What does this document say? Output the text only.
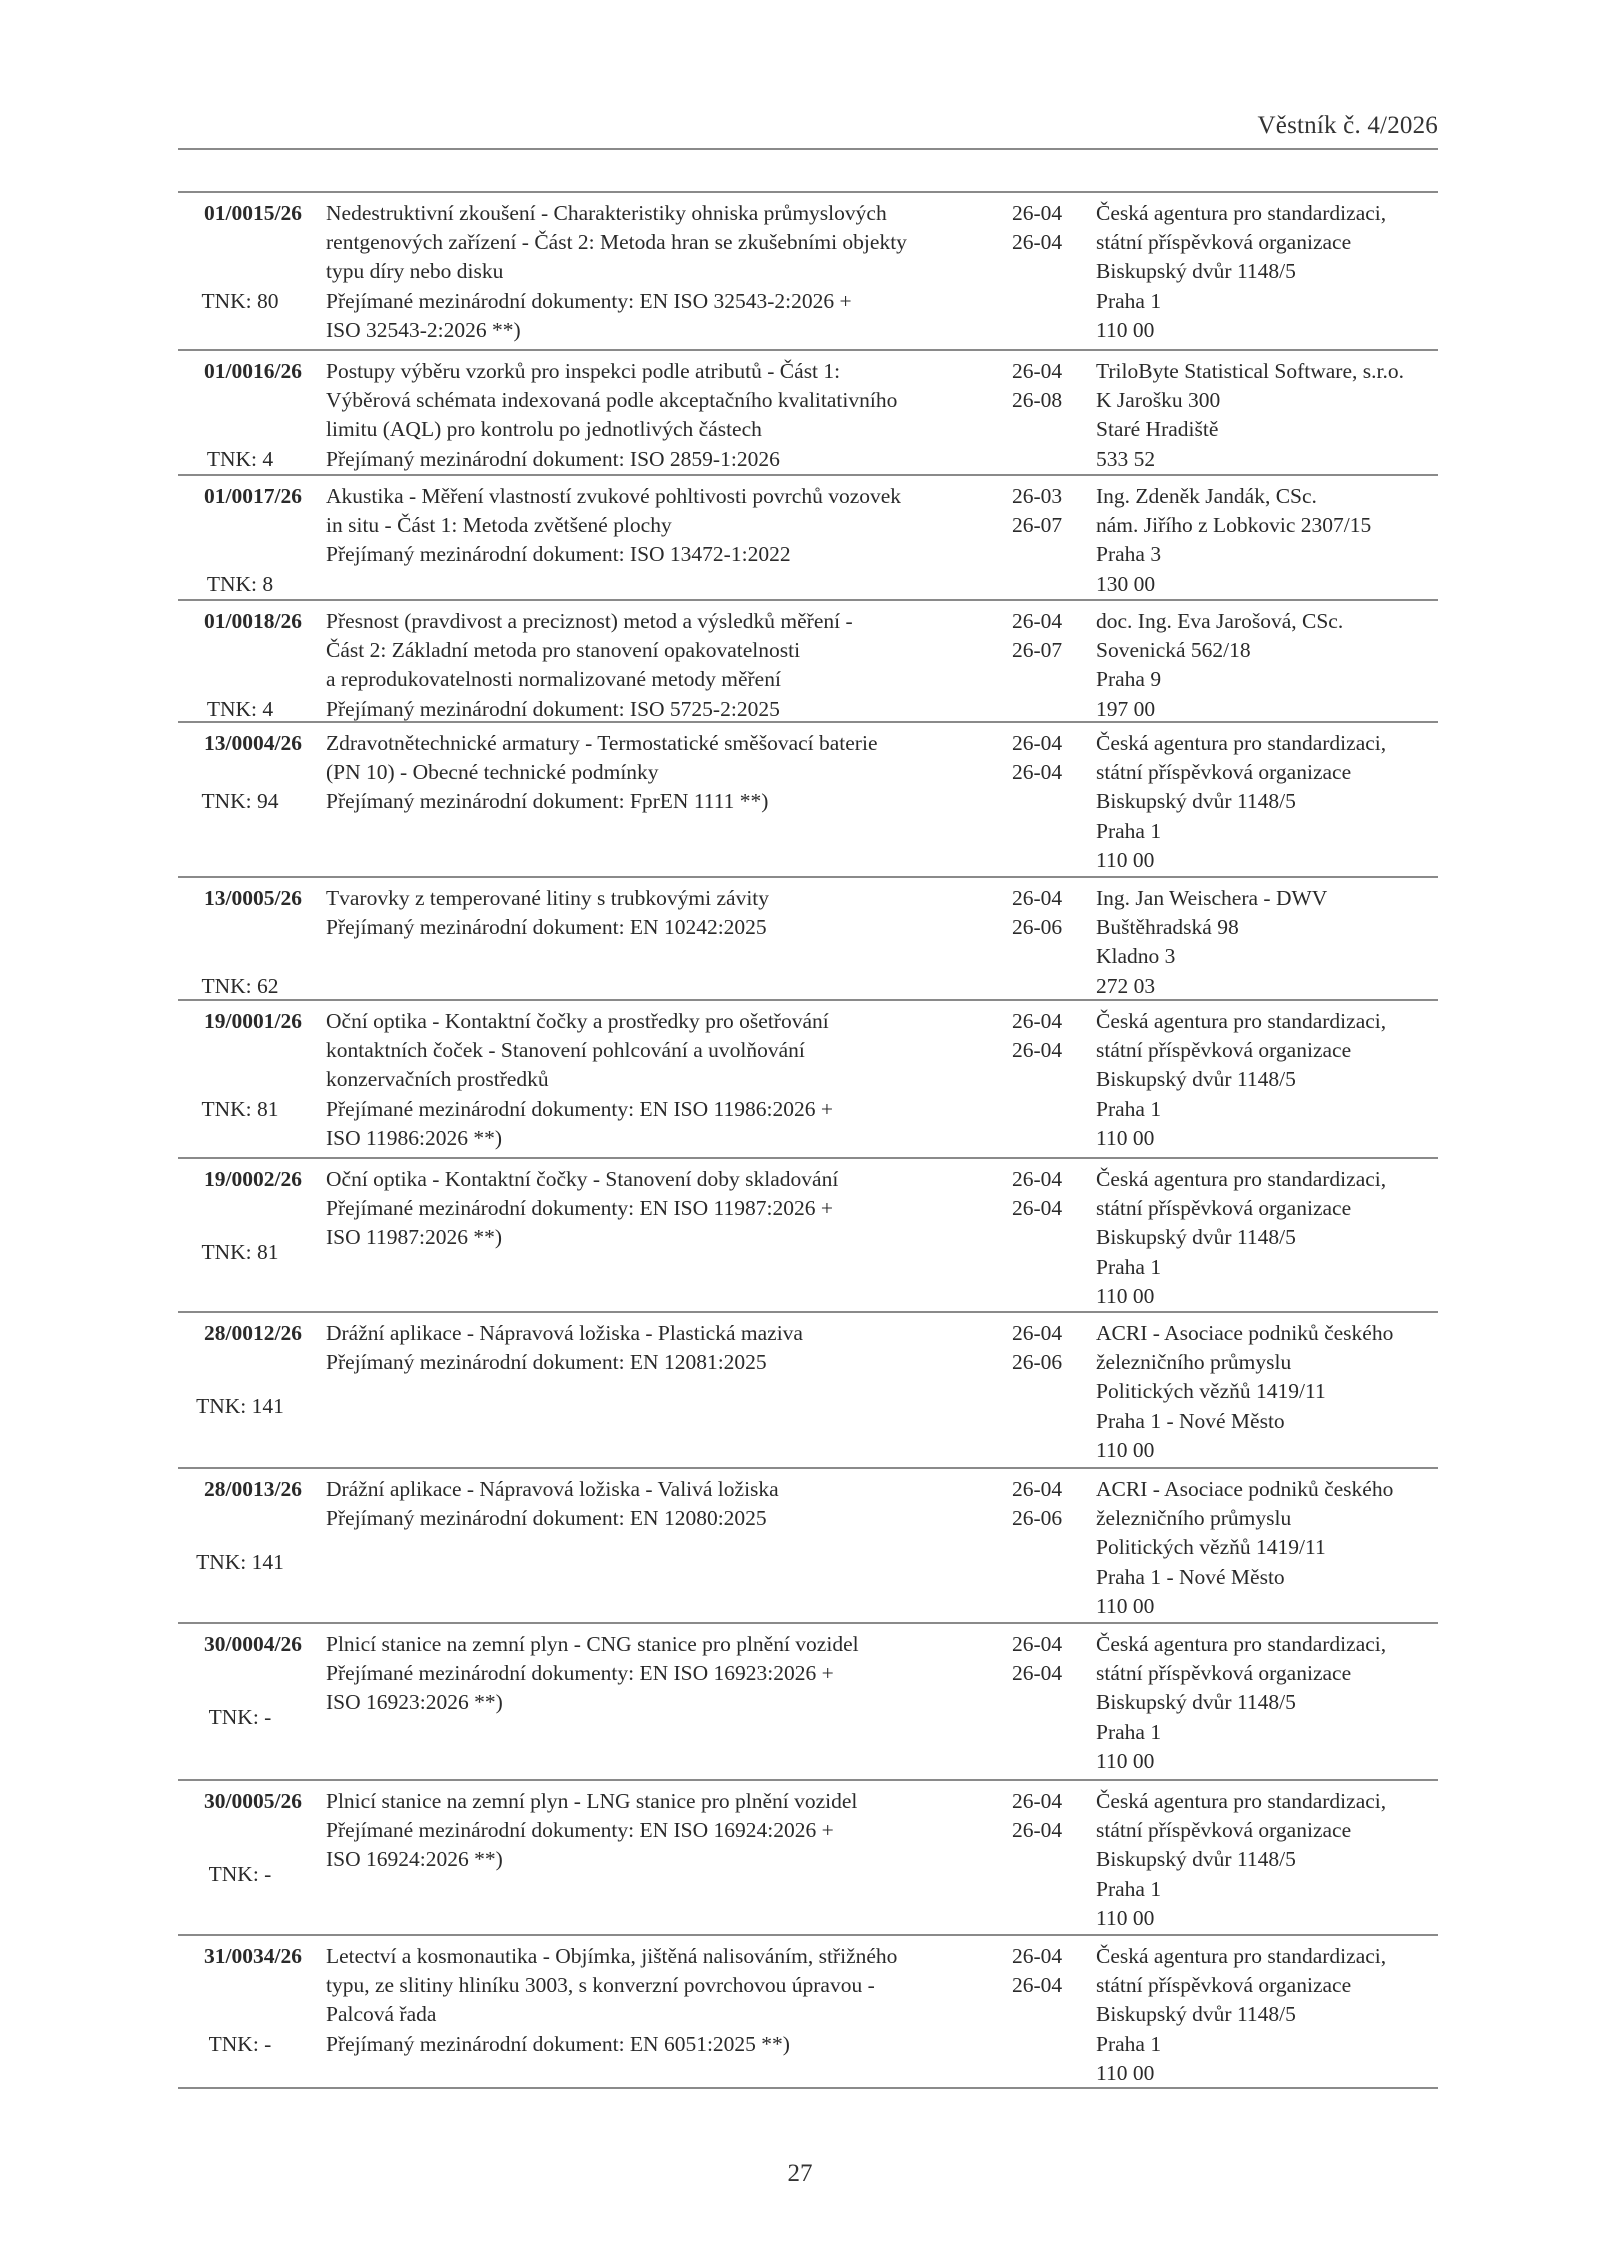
Věstník č. 4/2026
01/0015/26
TNK: 80
Nedestruktivní zkoušení - Charakteristiky ohniska průmyslových
rentgenových zařízení - Část 2: Metoda hran se zkušebními objekty
typu díry nebo disku
Přejímané mezinárodní dokumenty: EN ISO 32543-2:2026 +
ISO 32543-2:2026 **)
26-04
26-04
Česká agentura pro standardizaci,
státní příspěvková organizace
Biskupský dvůr 1148/5
Praha 1
110 00
01/0016/26
TNK: 4
Postupy výběru vzorků pro inspekci podle atributů - Část 1:
Výběrová schémata indexovaná podle akceptačního kvalitativního
limitu (AQL) pro kontrolu po jednotlivých částech
Přejímaný mezinárodní dokument: ISO 2859-1:2026
26-04
26-08
TriloByte Statistical Software, s.r.o.
K Jarošku 300
Staré Hradiště
533 52
01/0017/26
TNK: 8
Akustika - Měření vlastností zvukové pohltivosti povrchů vozovek
in situ - Část 1: Metoda zvětšené plochy
Přejímaný mezinárodní dokument: ISO 13472-1:2022
26-03
26-07
Ing. Zdeněk Jandák, CSc.
nám. Jiřího z Lobkovic 2307/15
Praha 3
130 00
01/0018/26
TNK: 4
Přesnost (pravdivost a preciznost) metod a výsledků měření -
Část 2: Základní metoda pro stanovení opakovatelnosti
a reprodukovatelnosti normalizované metody měření
Přejímaný mezinárodní dokument: ISO 5725-2:2025
26-04
26-07
doc. Ing. Eva Jarošová, CSc.
Sovenická 562/18
Praha 9
197 00
13/0004/26
TNK: 94
Zdravotnětechnické armatury - Termostatické směšovací baterie
(PN 10) - Obecné technické podmínky
Přejímaný mezinárodní dokument: FprEN 1111 **)
26-04
26-04
Česká agentura pro standardizaci,
státní příspěvková organizace
Biskupský dvůr 1148/5
Praha 1
110 00
13/0005/26
TNK: 62
Tvarovky z temperované litiny s trubkovými závity
Přejímaný mezinárodní dokument: EN 10242:2025
26-04
26-06
Ing. Jan Weischera - DWV
Buštěhradská 98
Kladno 3
272 03
19/0001/26
TNK: 81
Oční optika - Kontaktní čočky a prostředky pro ošetřování
kontaktních čoček - Stanovení pohlcování a uvolňování
konzervačních prostředků
Přejímané mezinárodní dokumenty: EN ISO 11986:2026 +
ISO 11986:2026 **)
26-04
26-04
Česká agentura pro standardizaci,
státní příspěvková organizace
Biskupský dvůr 1148/5
Praha 1
110 00
19/0002/26
TNK: 81
Oční optika - Kontaktní čočky - Stanovení doby skladování
Přejímané mezinárodní dokumenty: EN ISO 11987:2026 +
ISO 11987:2026 **)
26-04
26-04
Česká agentura pro standardizaci,
státní příspěvková organizace
Biskupský dvůr 1148/5
Praha 1
110 00
28/0012/26
TNK: 141
Drážní aplikace - Nápravová ložiska - Plastická maziva
Přejímaný mezinárodní dokument: EN 12081:2025
26-04
26-06
ACRI - Asociace podniků českého
železničního průmyslu
Politických vězňů 1419/11
Praha 1 - Nové Město
110 00
28/0013/26
TNK: 141
Drážní aplikace - Nápravová ložiska - Valivá ložiska
Přejímaný mezinárodní dokument: EN 12080:2025
26-04
26-06
ACRI - Asociace podniků českého
železničního průmyslu
Politických vězňů 1419/11
Praha 1 - Nové Město
110 00
30/0004/26
TNK: -
Plnicí stanice na zemní plyn - CNG stanice pro plnění vozidel
Přejímané mezinárodní dokumenty: EN ISO 16923:2026 +
ISO 16923:2026 **)
26-04
26-04
Česká agentura pro standardizaci,
státní příspěvková organizace
Biskupský dvůr 1148/5
Praha 1
110 00
30/0005/26
TNK: -
Plnicí stanice na zemní plyn - LNG stanice pro plnění vozidel
Přejímané mezinárodní dokumenty: EN ISO 16924:2026 +
ISO 16924:2026 **)
26-04
26-04
Česká agentura pro standardizaci,
státní příspěvková organizace
Biskupský dvůr 1148/5
Praha 1
110 00
31/0034/26
TNK: -
Letectví a kosmonautika - Objímka, jištěná nalisováním, střižného
typu, ze slitiny hliníku 3003, s konverzní povrchovou úpravou -
Palcová řada
Přejímaný mezinárodní dokument: EN 6051:2025 **)
26-04
26-04
Česká agentura pro standardizaci,
státní příspěvková organizace
Biskupský dvůr 1148/5
Praha 1
110 00
27
